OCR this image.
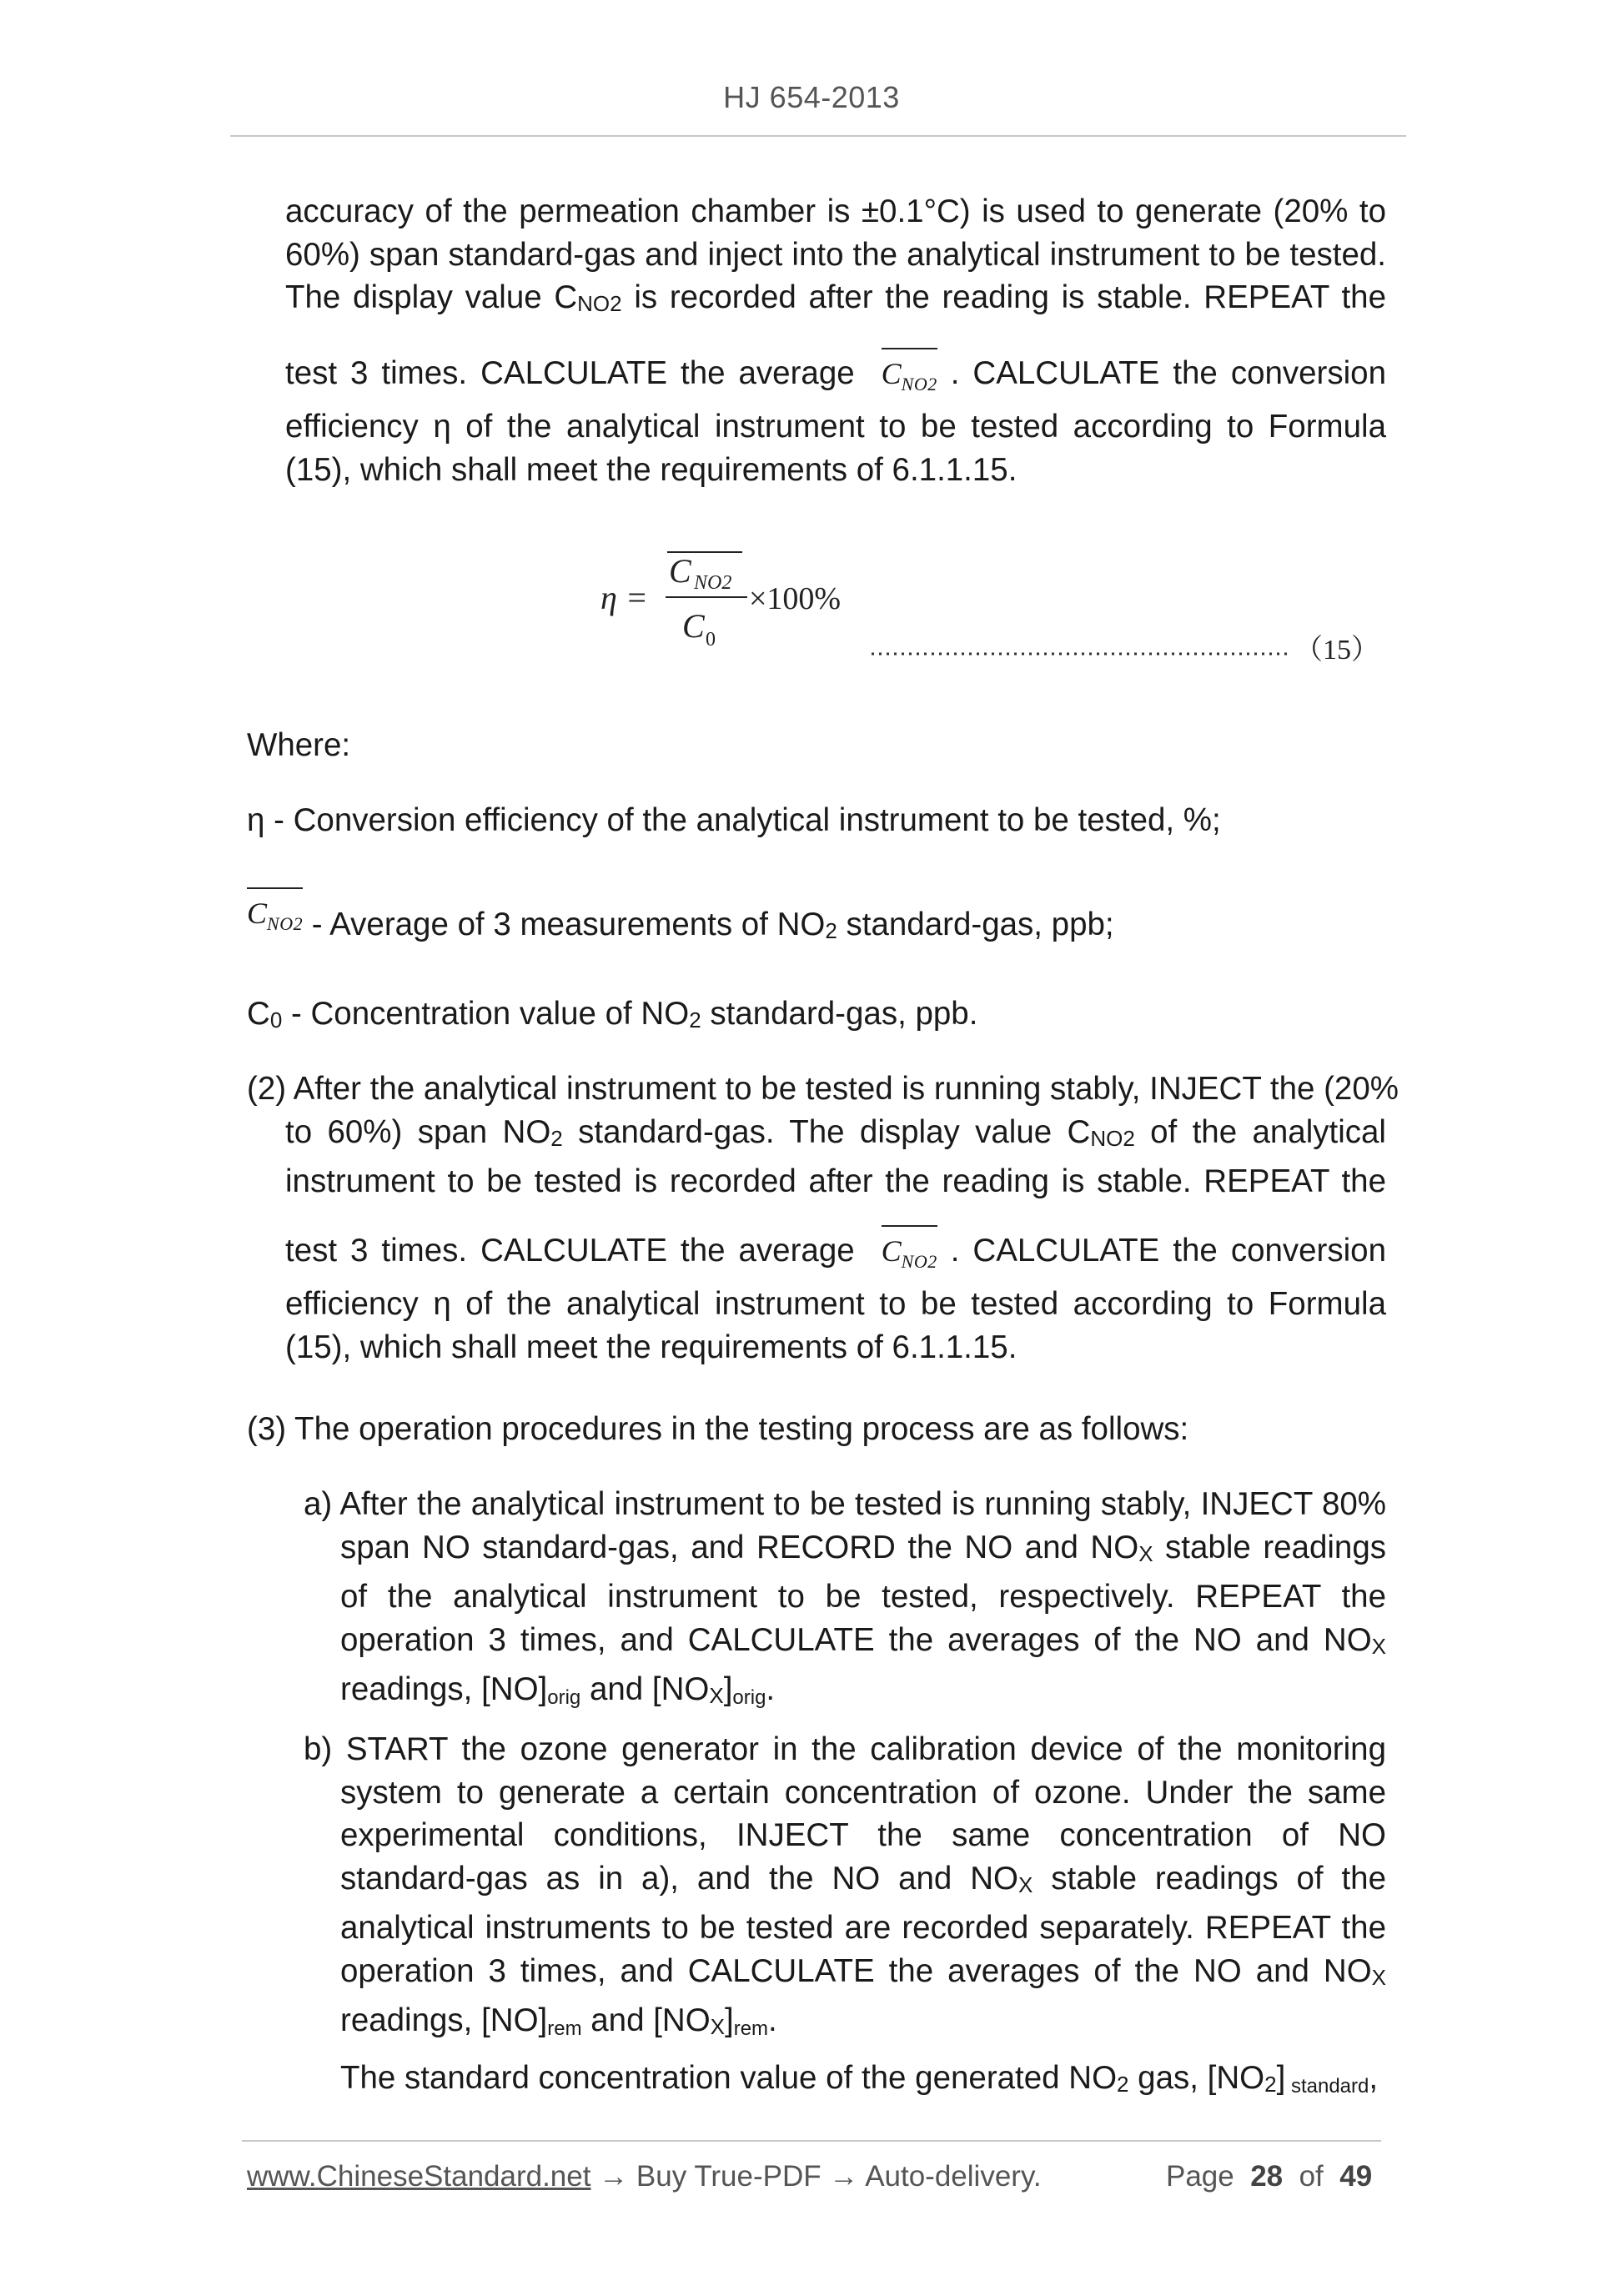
HJ 654-2013
accuracy of the permeation chamber is ±0.1°C) is used to generate (20% to
60%) span standard-gas and inject into the analytical instrument to be tested.
The display value CNO2 is recorded after the reading is stable. REPEAT the
test 3 times. CALCULATE the average $C_{NO2}$ . CALCULATE the conversion
efficiency η of the analytical instrument to be tested according to Formula
(15), which shall meet the requirements of 6.1.1.15.
η =
C NO2
C 0
×100%
（15）
Where:
η - Conversion efficiency of the analytical instrument to be tested, %;
$C_{NO2}$ - Average of 3 measurements of NO2 standard-gas, ppb;
C0 - Concentration value of NO2 standard-gas, ppb.
(2) After the analytical instrument to be tested is running stably, INJECT the (20%
to 60%) span NO2 standard-gas. The display value CNO2 of the analytical
instrument to be tested is recorded after the reading is stable. REPEAT the
test 3 times. CALCULATE the average $C_{NO2}$ . CALCULATE the conversion
efficiency η of the analytical instrument to be tested according to Formula
(15), which shall meet the requirements of 6.1.1.15.
(3) The operation procedures in the testing process are as follows:
a) After the analytical instrument to be tested is running stably, INJECT 80%
span NO standard-gas, and RECORD the NO and NOX stable readings
of the analytical instrument to be tested, respectively. REPEAT the
operation 3 times, and CALCULATE the averages of the NO and NOX
readings, [NO]orig and [NOX]orig.
b) START the ozone generator in the calibration device of the monitoring
system to generate a certain concentration of ozone. Under the same
experimental conditions, INJECT the same concentration of NO
standard-gas as in a), and the NO and NOX stable readings of the
analytical instruments to be tested are recorded separately. REPEAT the
operation 3 times, and CALCULATE the averages of the NO and NOX
readings, [NO]rem and [NOX]rem.
The standard concentration value of the generated NO2 gas, [NO2] standard,
www.ChineseStandard.net → Buy True-PDF → Auto-delivery.	Page 28 of 49
